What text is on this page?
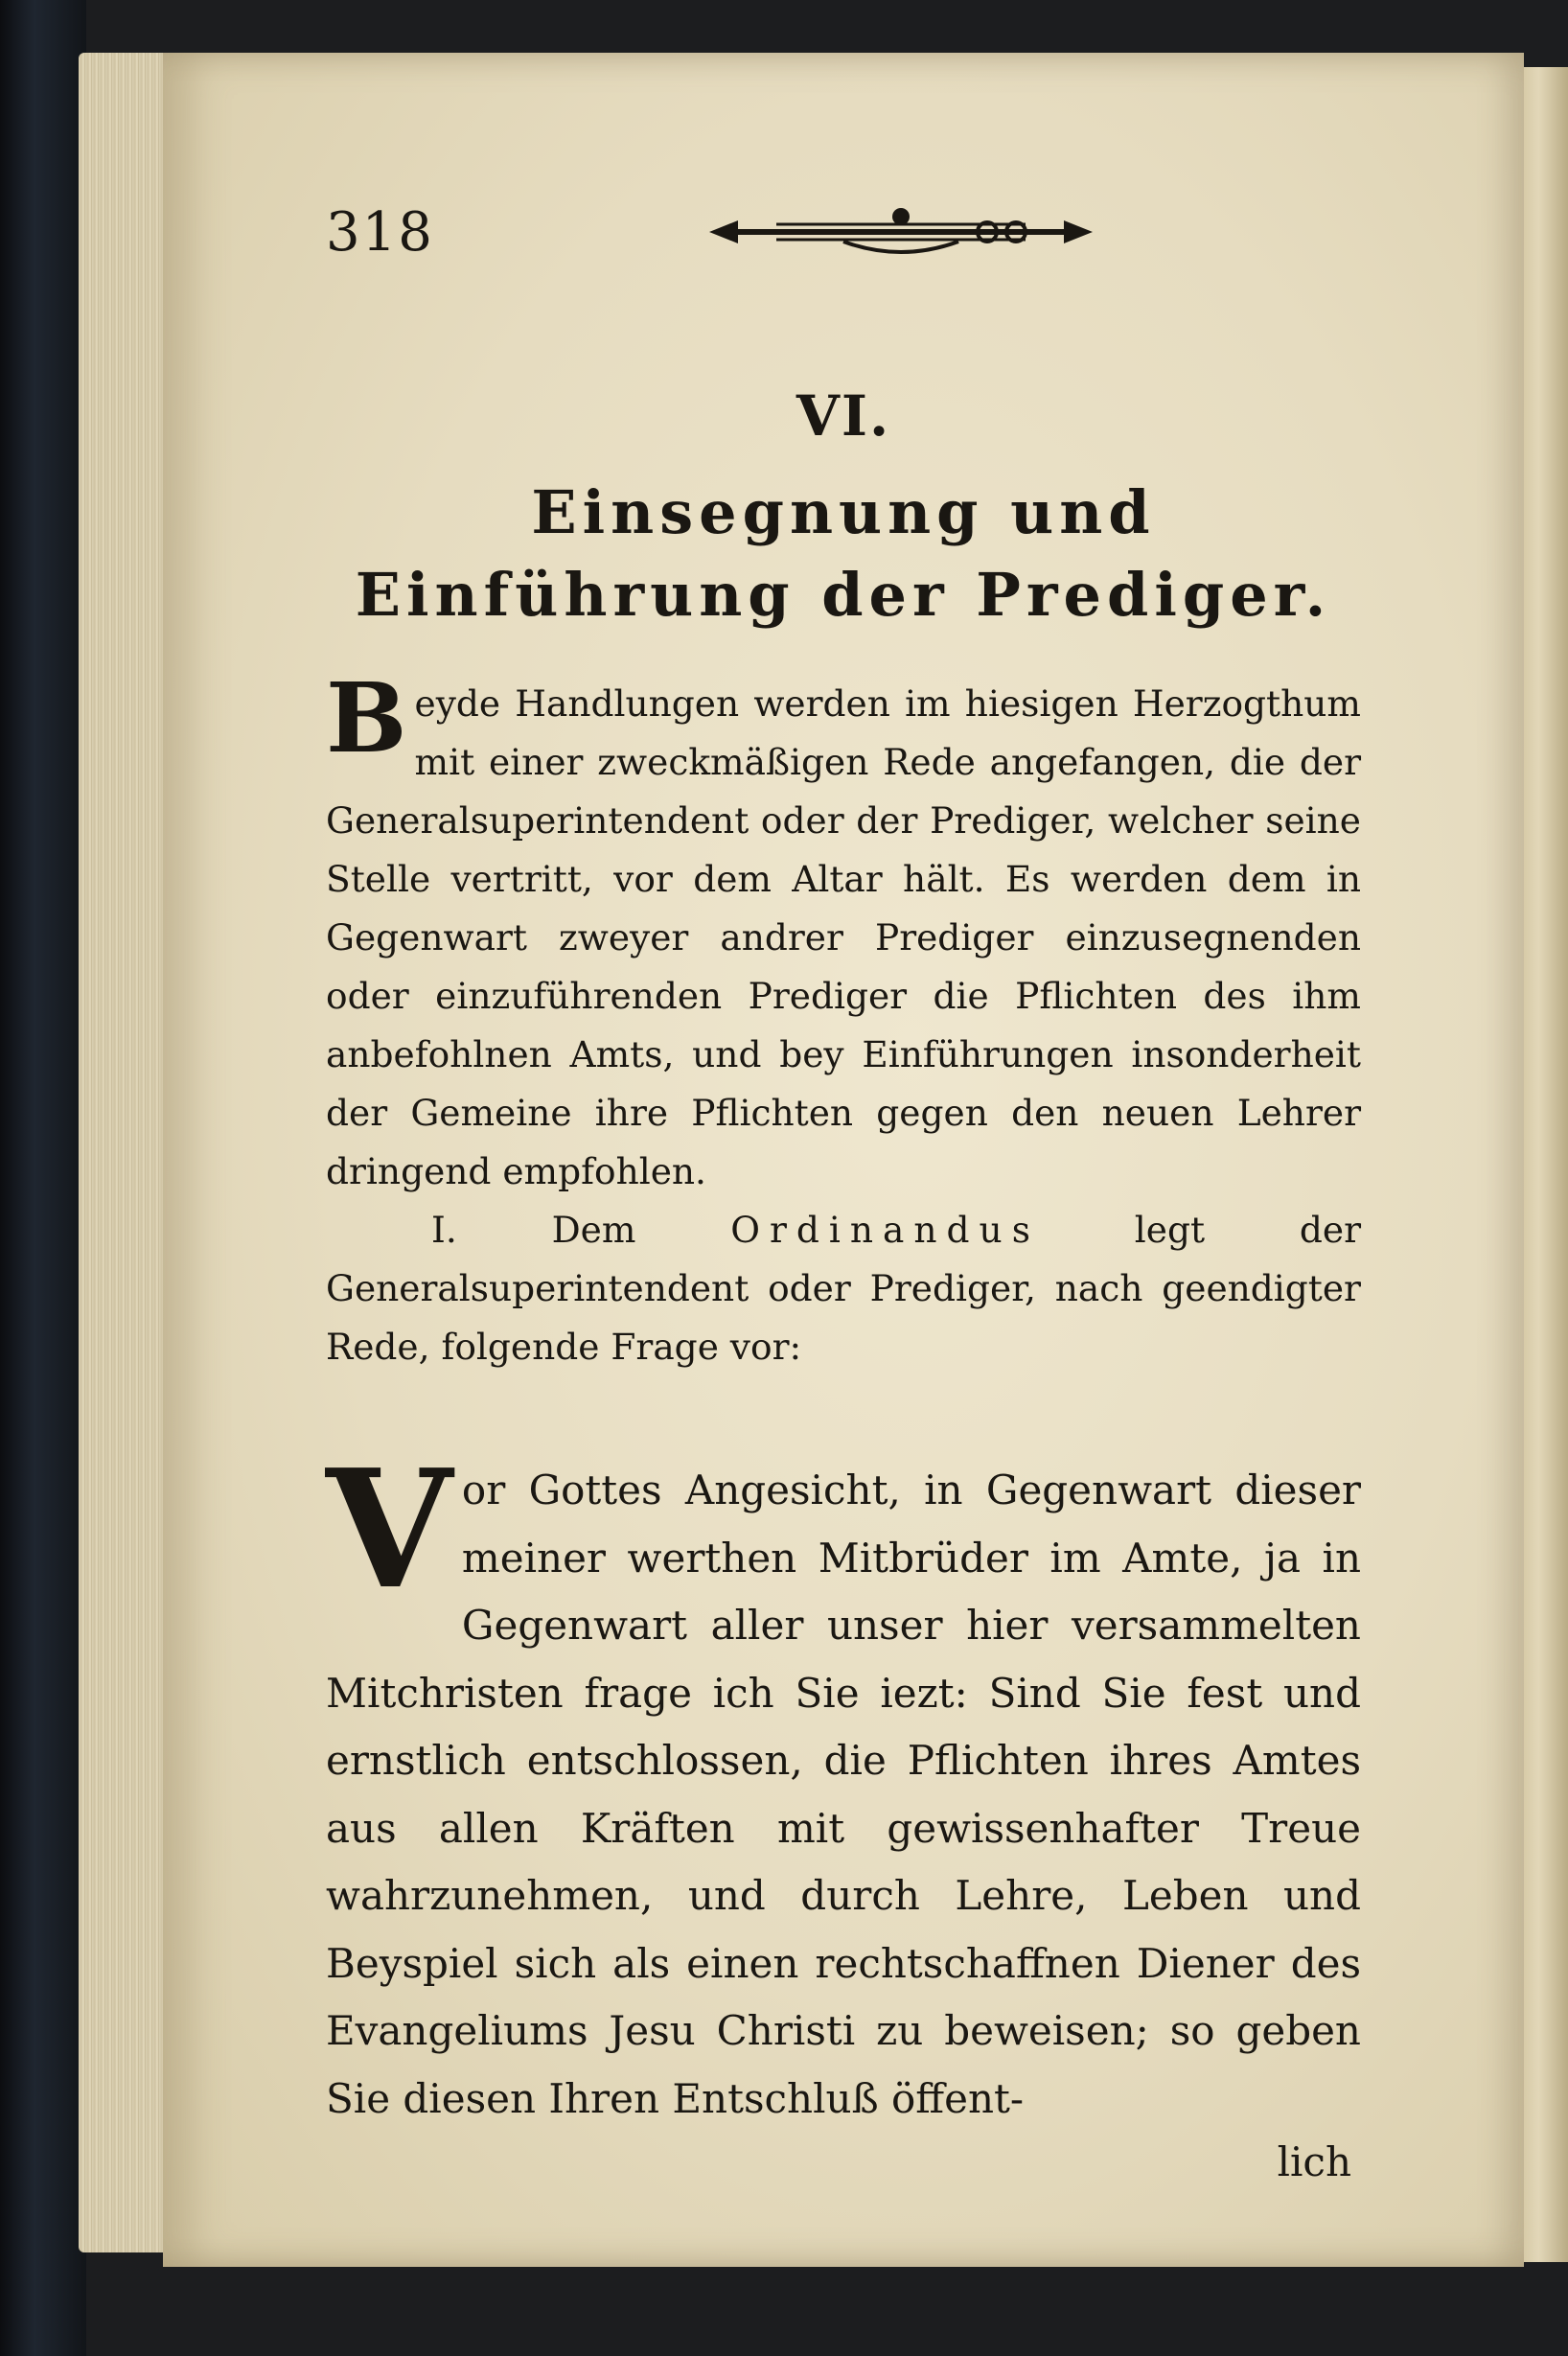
318
VI.
Einsegnung und Einführung der Prediger.
B eyde Handlungen werden im hiesigen Herzogthum mit einer zweckmäßigen Rede angefangen, die der Generalsuperintendent oder der Prediger, welcher seine Stelle vertritt, vor dem Altar hält. Es werden dem in Gegenwart zweyer andrer Prediger einzusegnenden oder einzuführenden Prediger die Pflichten des ihm anbefohlnen Amts, und bey Einführungen insonderheit der Gemeine ihre Pflichten gegen den neuen Lehrer dringend empfohlen.
I.	Dem	Ordinandus	legt der Generalsuperintendent oder Prediger, nach geendigter Rede, folgende Frage vor:
V or Gottes Angesicht, in Gegenwart dieser meiner werthen Mitbrüder im Amte, ja in Gegenwart aller unser hier versammelten Mitchristen frage ich Sie iezt: Sind Sie fest und ernstlich entschlossen, die Pflichten ihres Amtes aus allen Kräften mit gewissenhafter Treue wahrzunehmen, und durch Lehre, Leben und Beyspiel sich als einen rechtschaffnen Diener des Evangeliums Jesu Christi zu beweisen; so geben Sie diesen Ihren Entschluß öffent-
lich
